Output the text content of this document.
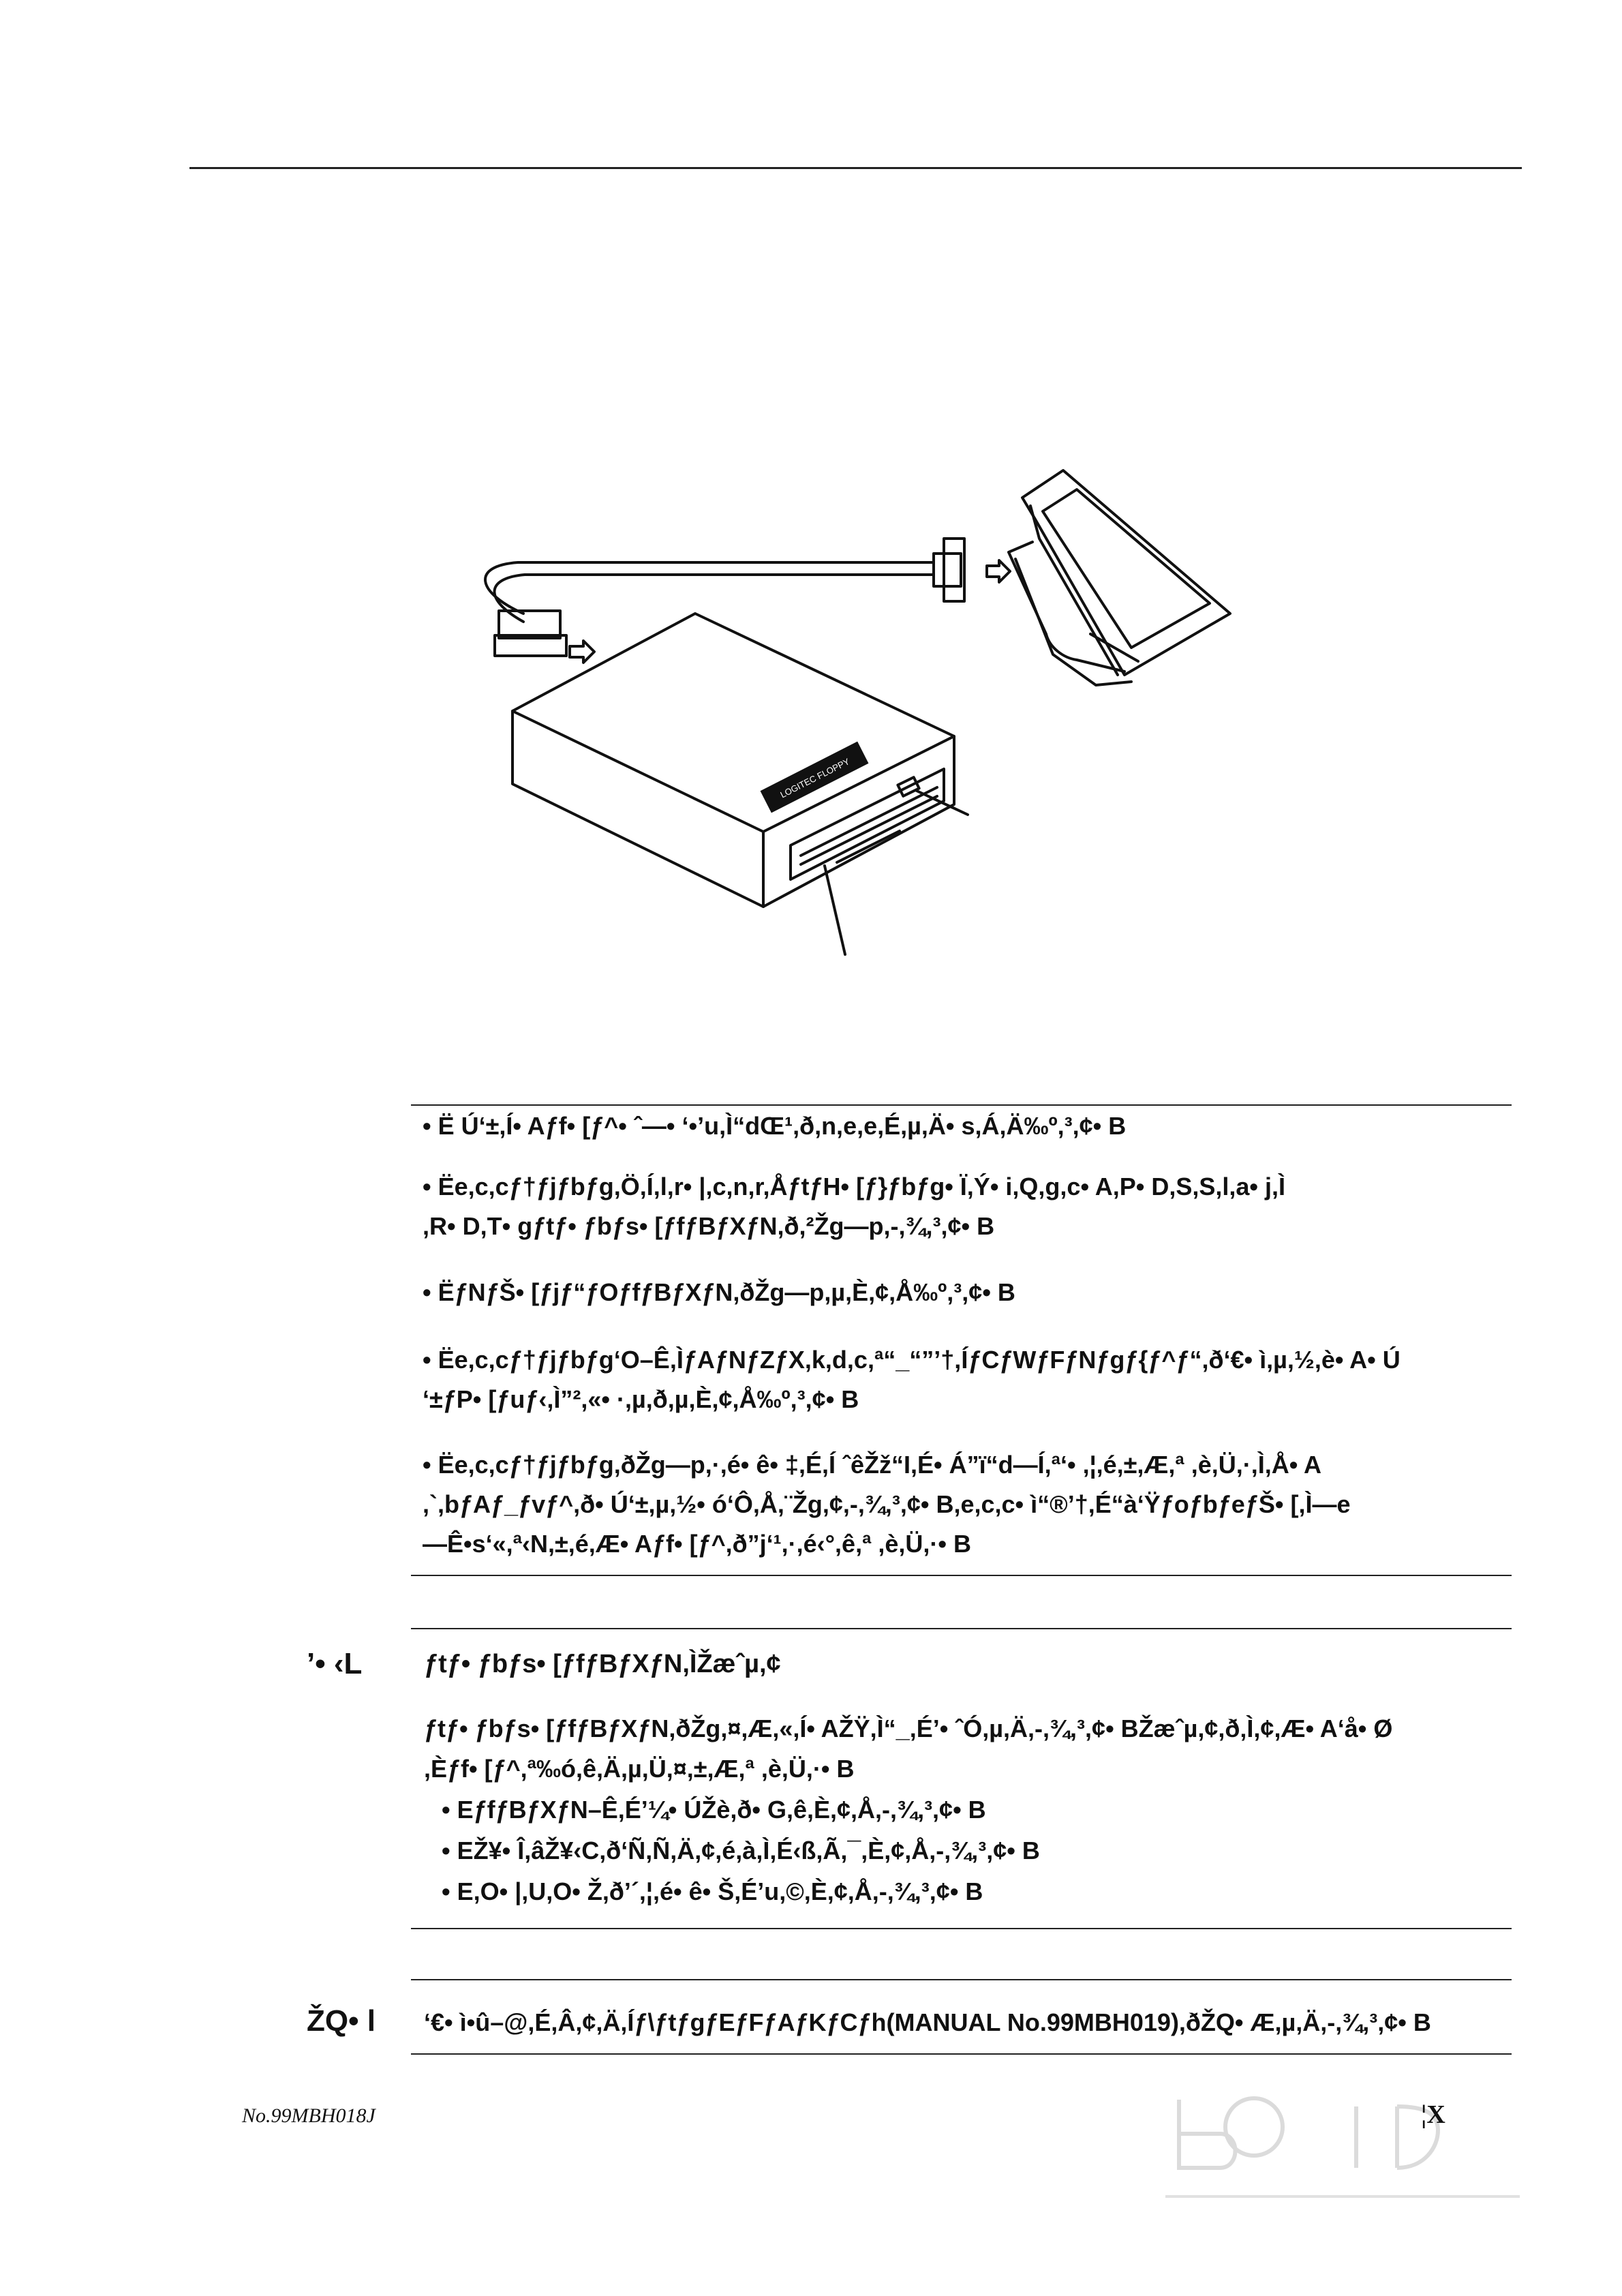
LOGITEC FLOPPY
• Ë Ú‘±,Í• Aƒf• [ƒ^• ˆ—• ‘•’u,Ì“dŒ¹,ð,n,e,e,É,µ,Ä• s,Á,Ä‰º,³,¢• B
• Ëe,c,cƒ†ƒjƒbƒg,Ö,Í,l,r• |,c,n,r,ÅƒtƒH• [ƒ}ƒbƒg• Ï,Ý• i,Q,g,c• A,P• D,S,S,l,a• j,Ì
,R• D,T• gƒtƒ• ƒbƒs• [ƒfƒBƒXƒN,ð,²Žg—p,-,¾,³,¢• B
• ËƒNƒŠ• [ƒjƒ“ƒOƒfƒBƒXƒN,ðŽg—p,µ,È,¢,Å‰º,³,¢• B
• Ëe,c,cƒ†ƒjƒbƒg‘O–Ê,ÌƒAƒNƒZƒX,k,d,c,ª“_“”’†,ÍƒCƒWƒFƒNƒgƒ{ƒ^ƒ“,ð‘€• ì,µ,½,è• A• Ú
‘±ƒP• [ƒuƒ‹,Ì”²,«• ·,µ,ð,µ,È,¢,Å‰º,³,¢• B
• Ëe,c,cƒ†ƒjƒbƒg,ðŽg—p,·,é• ê• ‡,É,Í ˆêŽž“I,É• Á”ï“d—Í,ª‘• ,¦,é,±,Æ,ª ,è,Ü,·,Ì,Å• A
,`,bƒAƒ_ƒvƒ^,ð• Ú‘±,µ,½• ó‘Ô,Å,¨Žg,¢,-,¾,³,¢• B,e,c,c• ì“®’†,É“à‘ŸƒoƒbƒeƒŠ• [,Ì—e
—Ê•s‘«,ª‹N,±,é,Æ• Aƒf• [ƒ^,ð”j‘¹,·,é‹°,ê,ª ,è,Ü,·• B
’• ‹L ƒtƒ• ƒbƒs• [ƒfƒBƒXƒN,ÌŽæˆµ,¢
ƒtƒ• ƒbƒs• [ƒfƒBƒXƒN,ðŽg,¤,Æ,«,Í• AŽŸ,Ì“_,É’• ˆÓ,µ,Ä,-,¾,³,¢• BŽæˆµ,¢,ð‚Ì,¢,Æ• A‘å• Ø
,Èƒf• [ƒ^,ª‰ó,ê,Ä,µ,Ü,¤,±,Æ,ª ,è,Ü,·• B
• EƒfƒBƒXƒN–Ê,É’¼• ÚŽè,ð• G,ê,È,¢,Å,-,¾,³,¢• B
• EŽ¥• Î,âŽ¥‹C,ð‘Ñ,Ñ,Ä,¢,é,à,Ì,É‹ß,Ã,¯,È,¢,Å,-,¾,³,¢• B
• E,O• |,U,O• Ž,ð’´,¦,é• ê• Š,É’u,©,È,¢,Å,-,¾,³,¢• B
ŽQ• l ‘€• ì•û–@,É,Â,¢,Ä,Íƒ\ƒtƒgƒEƒFƒAƒKƒCƒh(MANUAL No.99MBH019),ðŽQ• Æ,µ,Ä,-,¾,³,¢• B
No.99MBH018J	¦X
